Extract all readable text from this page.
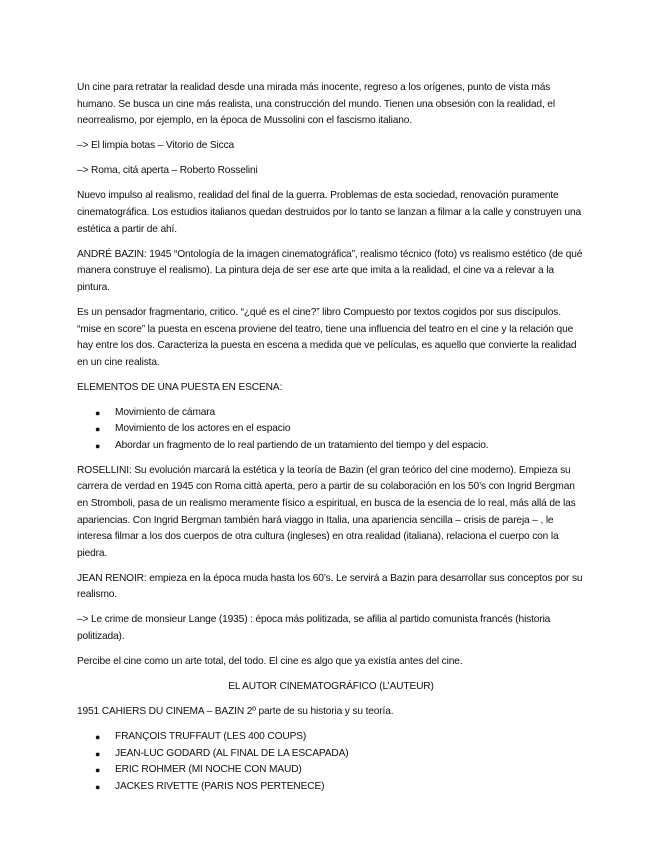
Un cine para retratar la realidad desde una mirada más inocente, regreso a los orígenes, punto de vista más humano. Se busca un cine más realista, una construcción del mundo. Tienen una obsesión con la realidad, el neorrealismo, por ejemplo, en la época de Mussolini con el fascismo italiano.

–> El limpia botas – Vitorio de Sicca

–> Roma, citá aperta – Roberto Rosselini

Nuevo impulso al realismo, realidad del final de la guerra. Problemas de esta sociedad, renovación puramente cinematográfica. Los estudios italianos quedan destruidos por lo tanto se lanzan a filmar a la calle y construyen una estética a partir de ahí.

ANDRÉ BAZIN: 1945 “Ontología de la imagen cinematográfica”, realismo técnico (foto) vs realismo estético (de qué manera construye el realismo). La pintura deja de ser ese arte que imita a la realidad, el cine va a relevar a la pintura.

Es un pensador fragmentario, critico. “¿qué es el cine?” libro Compuesto por textos cogidos por sus discípulos. “mise en score” la puesta en escena proviene del teatro, tiene una influencia del teatro en el cine y la relación que hay entre los dos. Caracteriza la puesta en escena a medida que ve películas, es aquello que convierte la realidad en un cine realista.

ELEMENTOS DE UNA PUESTA EN ESCENA:

● Movimiento de cámara
● Movimiento de los actores en el espacio
● Abordar un fragmento de lo real partiendo de un tratamiento del tiempo y del espacio.

ROSELLINI: Su evolución marcará la estética y la teoría de Bazin (el gran teórico del cine moderno). Empieza su carrera de verdad en 1945 con Roma città aperta, pero a partir de su colaboración en los 50’s con Ingrid Bergman en Stromboli, pasa de un realismo meramente físico a espiritual, en busca de la esencia de lo real, más allá de las apariencias. Con Ingrid Bergman también hará viaggo in Italia, una apariencia sencilla – crisis de pareja – , le interesa filmar a los dos cuerpos de otra cultura (ingleses) en otra realidad (italiana), relaciona el cuerpo con la piedra.

JEAN RENOIR: empieza en la época muda hasta los 60’s. Le servirá a Bazin para desarrollar sus conceptos por su realismo.

–> Le crime de monsieur Lange (1935) : época más politizada, se afilia al partido comunista francés (historia politizada).

Percibe el cine como un arte total, del todo. El cine es algo que ya existía antes del cine.

EL AUTOR CINEMATOGRÁFICO (L’AUTEUR)

1951 CAHIERS DU CINEMA – BAZIN 2º parte de su historia y su teoría.

● FRANÇOIS TRUFFAUT (LES 400 COUPS)
● JEAN-LUC GODARD (AL FINAL DE LA ESCAPADA)
● ERIC ROHMER (MI NOCHE CON MAUD)
● JACKES RIVETTE (PARIS NOS PERTENECE)
